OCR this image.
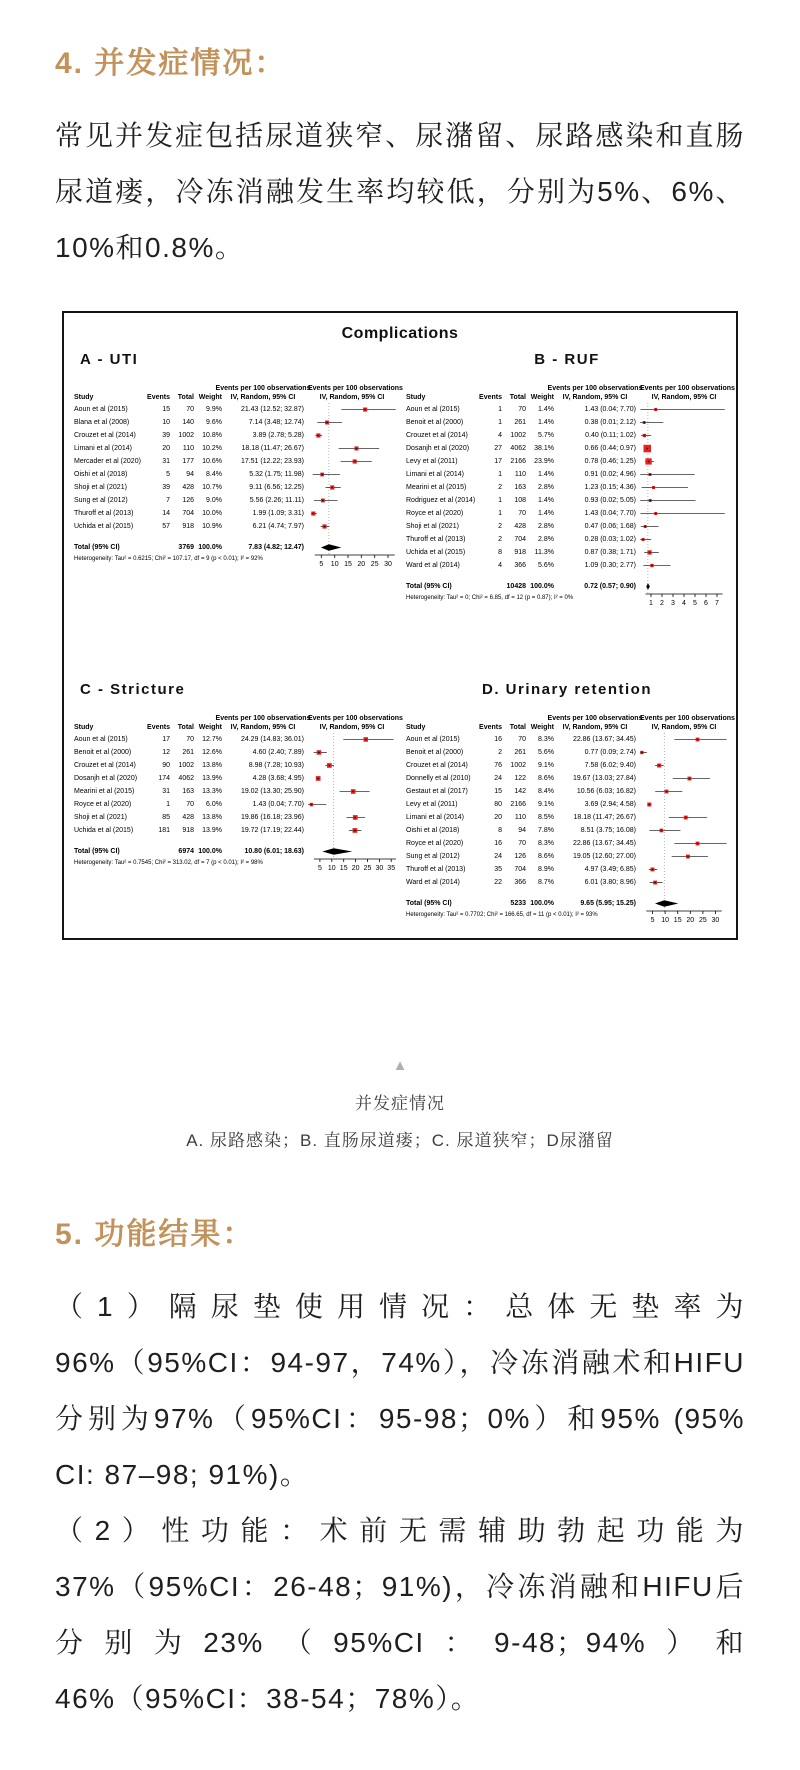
4. 并发症情况：
常见并发症包括尿道狭窄、尿潴留、尿路感染和直肠尿道瘘，冷冻消融发生率均较低，分别为5%、6%、10%和0.8%。
Complications
A - UTI
Study	Events	Total Weight
Events per 100 observations
IV, Random, 95% CI
Aoun et al (2015)	15	70	9.9%	21.43 (12.52; 32.87)
Blana et al (2008)	10	140	9.6%	7.14 (3.48; 12.74)
Crouzet et al (2014)	39	1002	10.8%	3.89 (2.78; 5.28)
Limani et al (2014)	20	110	10.2%	18.18 (11.47; 26.67)
Mercader et al (2020)	31	177	10.6%	17.51 (12.22; 23.93)
Oishi et al (2018)	5	94	8.4%	5.32 (1.75; 11.98)
Shoji et al (2021)	39	428	10.7%	9.11 (6.56; 12.25)
Sung et al (2012)	7	126	9.0%	5.56 (2.26; 11.11)
Thuroff et al (2013)	14	704	10.0%	1.99 (1.09; 3.31)
Uchida et al (2015)	57	918	10.9%	6.21 (4.74; 7.97)
Total (95% CI)	3769 100.0%	7.83 (4.82; 12.47)
Heterogeneity: Tau² = 0.6215; Chi² = 107.17, df = 9 (p < 0.01); I² = 92%
Events per 100 observations
IV, Random, 95% CI
5 10 15 20 25 30
B - RUF
Study	Events	Total Weight
Events per 100 observations
IV, Random, 95% CI
Aoun et al (2015)	1	70	1.4%	1.43 (0.04; 7.70)
Benoit et al (2000)	1	261	1.4%	0.38 (0.01; 2.12)
Crouzet et al (2014)	4	1002	5.7%	0.40 (0.11; 1.02)
Dosanjh et al (2020)	27	4062	38.1%	0.66 (0.44; 0.97)
Levy et al (2011)	17	2166	23.9%	0.78 (0.46; 1.25)
Limani et al (2014)	1	110	1.4%	0.91 (0.02; 4.96)
Mearini et al (2015)	2	163	2.8%	1.23 (0.15; 4.36)
Rodriguez et al (2014)	1	108	1.4%	0.93 (0.02; 5.05)
Royce et al (2020)	1	70	1.4%	1.43 (0.04; 7.70)
Shoji et al (2021)	2	428	2.8%	0.47 (0.06; 1.68)
Thuroff et al (2013)	2	704	2.8%	0.28 (0.03; 1.02)
Uchida et al (2015)	8	918	11.3%	0.87 (0.38; 1.71)
Ward et al (2014)	4	366	5.6%	1.09 (0.30; 2.77)
Total (95% CI)	10428 100.0%	0.72 (0.57; 0.90)
Heterogeneity: Tau² = 0; Chi² = 6.85, df = 12 (p = 0.87); I² = 0%
Events per 100 observations
IV, Random, 95% CI
1 2 3 4 5 6 7
C - Stricture
Study	Events	Total Weight
Events per 100 observations
IV, Random, 95% CI
Aoun et al (2015)	17	70	12.7%	24.29 (14.83; 36.01)
Benoit et al (2000)	12	261	12.6%	4.60 (2.40; 7.89)
Crouzet et al (2014)	90	1002	13.8%	8.98 (7.28; 10.93)
Dosanjh et al (2020)	174	4062	13.9%	4.28 (3.68; 4.95)
Mearini et al (2015)	31	163	13.3%	19.02 (13.30; 25.90)
Royce et al (2020)	1	70	6.0%	1.43 (0.04; 7.70)
Shoji et al (2021)	85	428	13.8%	19.86 (16.18; 23.96)
Uchida et al (2015)	181	918	13.9%	19.72 (17.19; 22.44)
Total (95% CI)	6974 100.0%	10.80 (6.01; 18.63)
Heterogeneity: Tau² = 0.7545; Chi² = 313.02, df = 7 (p < 0.01); I² = 98%
Events per 100 observations
IV, Random, 95% CI
5 10 15 20 25 30 35
D. Urinary retention
Study	Events	Total Weight
Events per 100 observations
IV, Random, 95% CI
Aoun et al (2015)	16	70	8.3%	22.86 (13.67; 34.45)
Benoit et al (2000)	2	261	5.6%	0.77 (0.09; 2.74)
Crouzet et al (2014)	76	1002	9.1%	7.58 (6.02; 9.40)
Donnelly et al (2010)	24	122	8.6%	19.67 (13.03; 27.84)
Gestaut et al (2017)	15	142	8.4%	10.56 (6.03; 16.82)
Levy et al (2011)	80	2166	9.1%	3.69 (2.94; 4.58)
Limani et al (2014)	20	110	8.5%	18.18 (11.47; 26.67)
Oishi et al (2018)	8	94	7.8%	8.51 (3.75; 16.08)
Royce et al (2020)	16	70	8.3%	22.86 (13.67; 34.45)
Sung et al (2012)	24	126	8.6%	19.05 (12.60; 27.00)
Thuroff et al (2013)	35	704	8.9%	4.97 (3.49; 6.85)
Ward et al (2014)	22	366	8.7%	6.01 (3.80; 8.96)
Total (95% CI)	5233 100.0%	9.65 (5.95; 15.25)
Heterogeneity: Tau² = 0.7702; Chi² = 166.65, df = 11 (p < 0.01); I² = 93%
Events per 100 observations
IV, Random, 95% CI
5 10 15 20 25 30
▲
并发症情况
A. 尿路感染；B. 直肠尿道瘘；C. 尿道狭窄；D尿潴留
5. 功能结果：

（1）隔尿垫使用情况：总体无垫率为96%（95%CI：94-97，74%），冷冻消融术和HIFU分别为97%（95%CI：95-98；0%）和95% (95% CI: 87–98; 91%)。

（2）性功能：术前无需辅助勃起功能为37%（95%CI：26-48；91%)，冷冻消融和HIFU后分别为23%（95%CI：9-48；94%）和46%（95%CI：38-54；78%）。
